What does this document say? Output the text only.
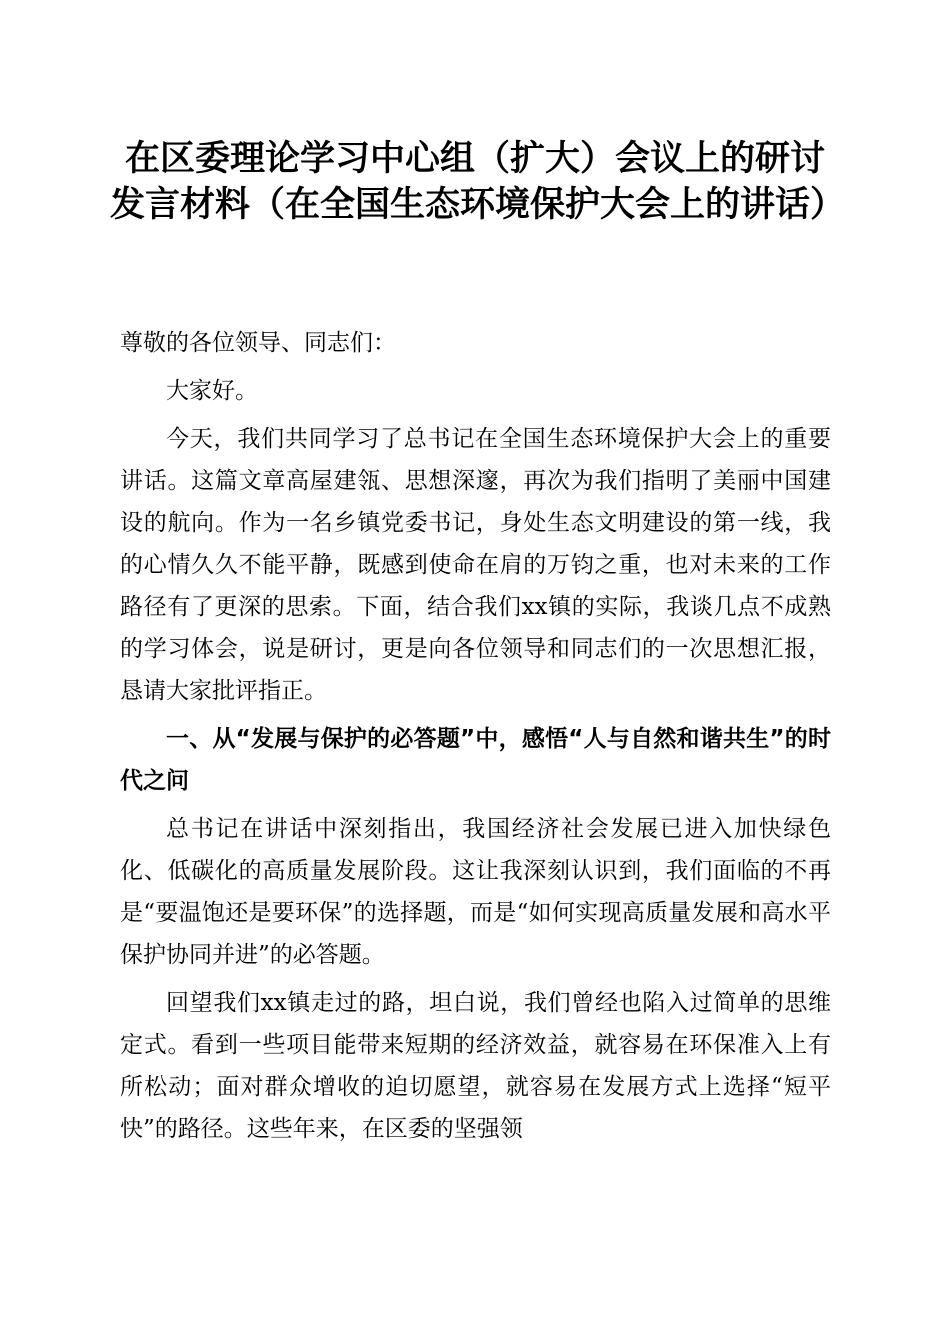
在区委理论学习中心组（扩大）会议上的研讨发言材料（在全国生态环境保护大会上的讲话）

尊敬的各位领导、同志们：

大家好。

今天，我们共同学习了总书记在全国生态环境保护大会上的重要讲话。这篇文章高屋建瓴、思想深邃，再次为我们指明了美丽中国建设的航向。作为一名乡镇党委书记，身处生态文明建设的第一线，我的心情久久不能平静，既感到使命在肩的万钧之重，也对未来的工作路径有了更深的思索。下面，结合我们xx镇的实际，我谈几点不成熟的学习体会，说是研讨，更是向各位领导和同志们的一次思想汇报，恳请大家批评指正。

一、从“发展与保护的必答题”中，感悟“人与自然和谐共生”的时代之问

总书记在讲话中深刻指出，我国经济社会发展已进入加快绿色化、低碳化的高质量发展阶段。这让我深刻认识到，我们面临的不再是“要温饱还是要环保”的选择题，而是“如何实现高质量发展和高水平保护协同并进”的必答题。

回望我们xx镇走过的路，坦白说，我们曾经也陷入过简单的思维定式。看到一些项目能带来短期的经济效益，就容易在环保准入上有所松动；面对群众增收的迫切愿望，就容易在发展方式上选择“短平快”的路径。这些年来，在区委的坚强领
